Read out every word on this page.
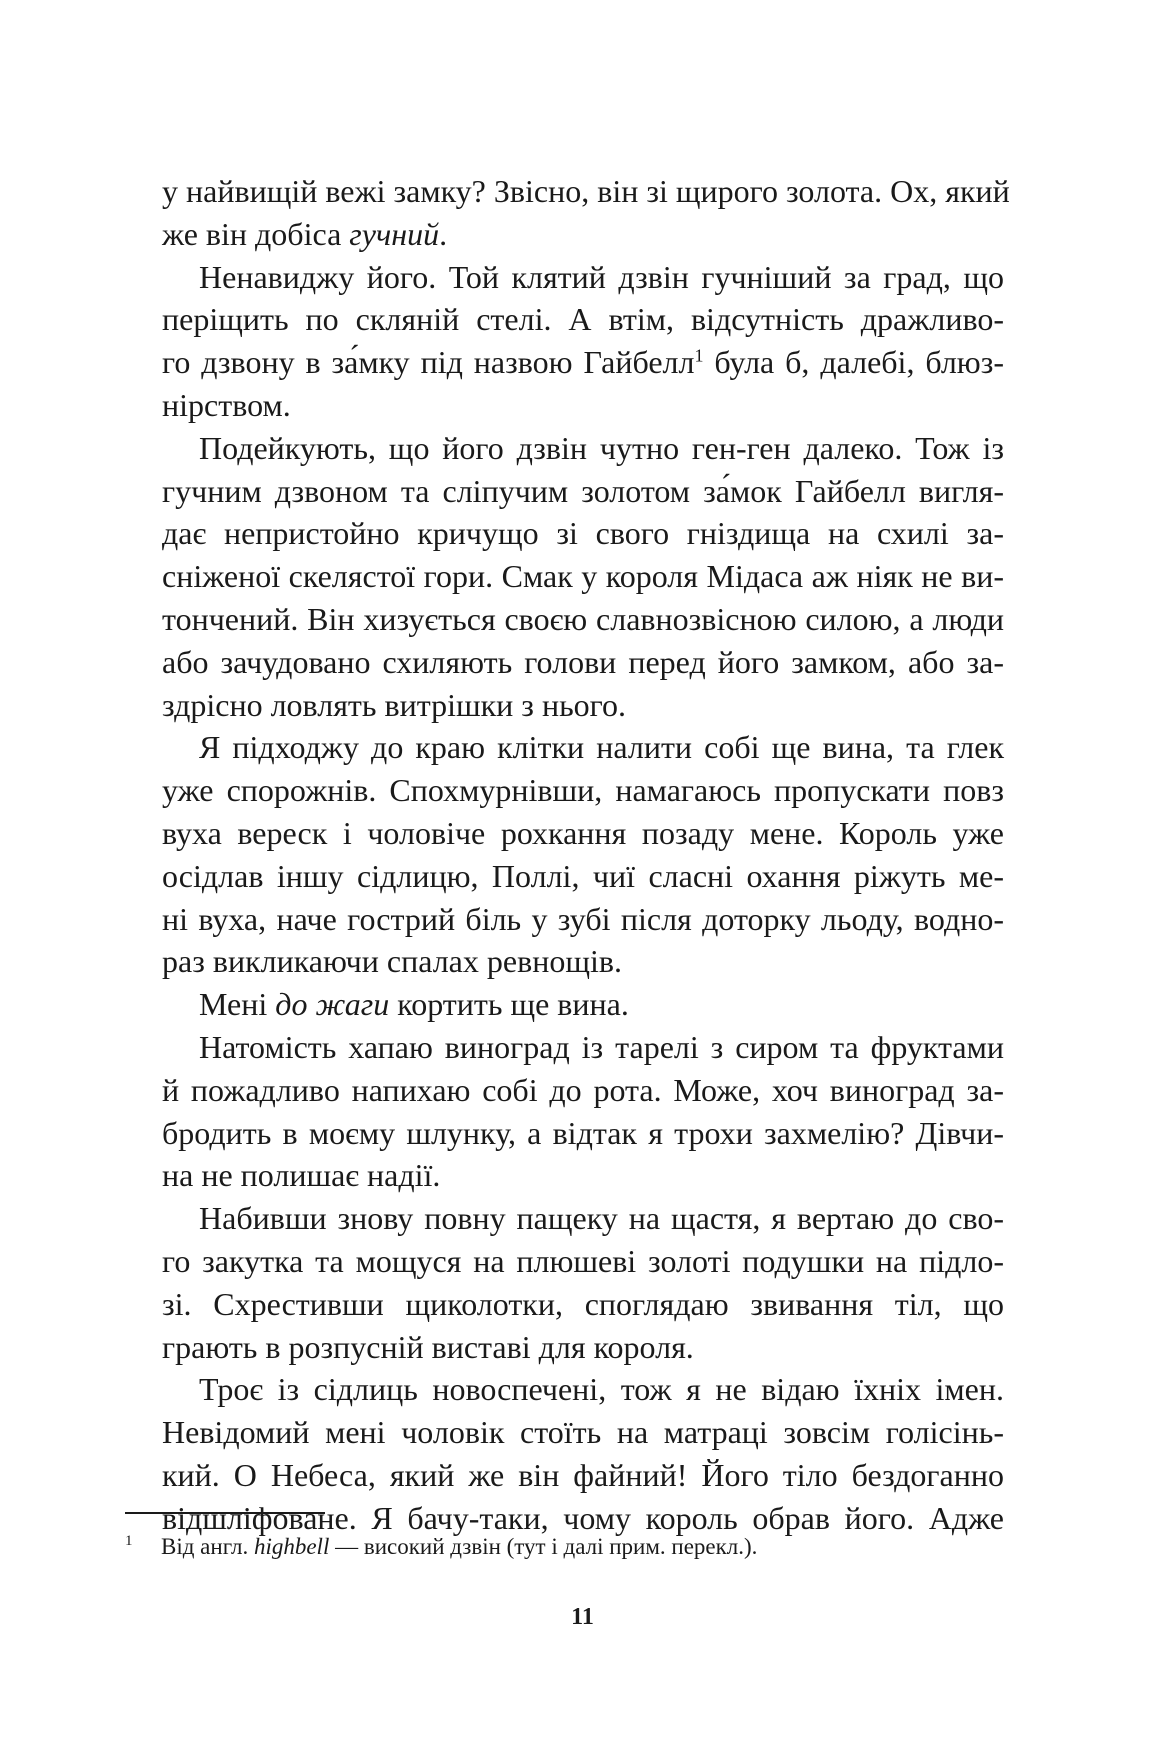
у найвищій вежі замку? Звісно, він зі щирого золота. Ох, який
же він добіса гучний.
Ненавиджу його. Той клятий дзвін гучніший за град, що
періщить по скляній стелі. А втім, відсутність дражливо-
го дзвону в за́мку під назвою Гайбелл$^1$ була б, далебі, блюз-
нірством.
Подейкують, що його дзвін чутно ген-ген далеко. Тож із
гучним дзвоном та сліпучим золотом за́мок Гайбелл вигля-
дає непристойно кричущо зі свого гніздища на схилі за-
сніженої скелястої гори. Смак у короля Мідаса аж ніяк не ви-
тончений. Він хизується своєю славнозвісною силою, а люди
або зачудовано схиляють голови перед його замком, або за-
здрісно ловлять витрішки з нього.
Я підходжу до краю клітки налити собі ще вина, та глек
уже спорожнів. Спохмурнівши, намагаюсь пропускати повз
вуха вереск і чоловіче рохкання позаду мене. Король уже
осідлав іншу сідлицю, Поллі, чиї сласні охання ріжуть ме-
ні вуха, наче гострий біль у зубі після доторку льоду, водно-
раз викликаючи спалах ревнощів.
Мені до жаги кортить ще вина.
Натомість хапаю виноград із тарелі з сиром та фруктами
й пожадливо напихаю собі до рота. Може, хоч виноград за-
бродить в моєму шлунку, а відтак я трохи захмелію? Дівчи-
на не полишає надії.
Набивши знову повну пащеку на щастя, я вертаю до сво-
го закутка та мощуся на плюшеві золоті подушки на підло-
зі. Схрестивши щиколотки, споглядаю звивання тіл, що
грають в розпусній виставі для короля.
Троє із сідлиць новоспечені, тож я не відаю їхніх імен.
Невідомий мені чоловік стоїть на матраці зовсім голісінь-
кий. О Небеса, який же він файний! Його тіло бездоганно
відшліфоване. Я бачу-таки, чому король обрав його. Адже
1 Від англ. highbell — високий дзвін (тут і далі прим. перекл.).
11
